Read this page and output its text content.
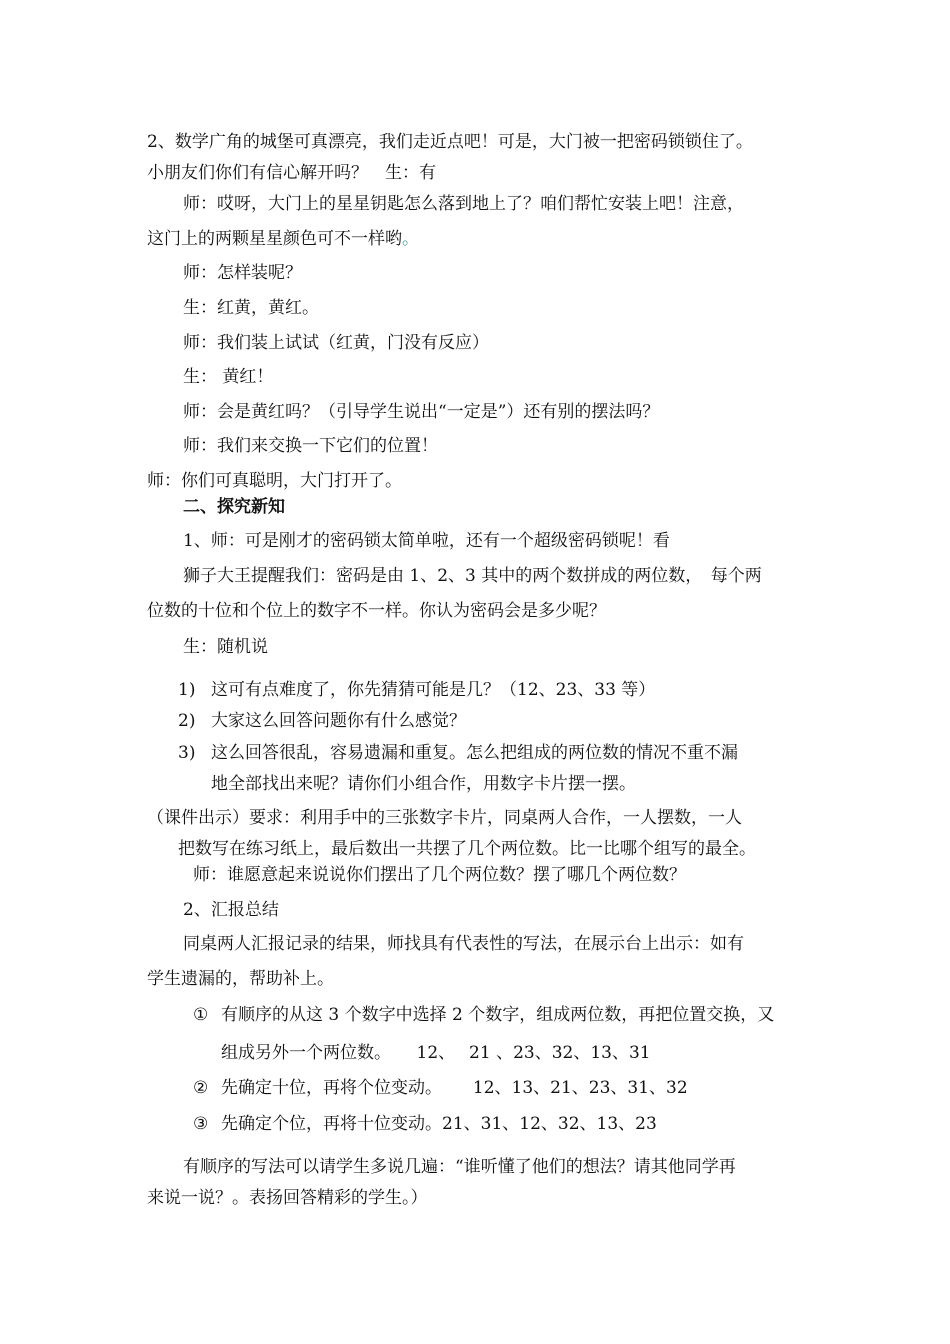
2、数学广角的城堡可真漂亮，我们走近点吧！可是，大门被一把密码锁锁住了。

小朋友们你们有信心解开吗？　生：有

师：哎呀，大门上的星星钥匙怎么落到地上了？咱们帮忙安装上吧！注意，

这门上的两颗星星颜色可不一样哟。

师：怎样装呢？

生：红黄，黄红。

师：我们装上试试（红黄，门没有反应）

生： 黄红！

师：会是黄红吗？（引导学生说出“一定是”）还有别的摆法吗？

师：我们来交换一下它们的位置！

师：你们可真聪明，大门打开了。

二、探究新知

1、师：可是刚才的密码锁太简单啦，还有一个超级密码锁呢！看

狮子大王提醒我们：密码是由 1、2、3 其中的两个数拼成的两位数，　每个两

位数的十位和个位上的数字不一样。你认为密码会是多少呢？

生：随机说

1) 这可有点难度了，你先猜猜可能是几？（12、23、33 等）

2) 大家这么回答问题你有什么感觉？

3) 这么回答很乱，容易遗漏和重复。怎么把组成的两位数的情况不重不漏

地全部找出来呢？请你们小组合作，用数字卡片摆一摆。

（课件出示）要求：利用手中的三张数字卡片，同桌两人合作，一人摆数，一人

把数写在练习纸上，最后数出一共摆了几个两位数。比一比哪个组写的最全。

师：谁愿意起来说说你们摆出了几个两位数？摆了哪几个两位数？

2、汇报总结

同桌两人汇报记录的结果，师找具有代表性的写法，在展示台上出示：如有

学生遗漏的，帮助补上。

① 有顺序的从这 3 个数字中选择 2 个数字，组成两位数，再把位置交换，又

组成另外一个两位数。　　12、　 21 、23、32、13、31

② 先确定十位，再将个位变动。　　 12、13、21、23、31、32

③ 先确定个位，再将十位变动。21、31、12、32、13、23

有顺序的写法可以请学生多说几遍：“谁听懂了他们的想法？请其他同学再

来说一说？。表扬回答精彩的学生。）
